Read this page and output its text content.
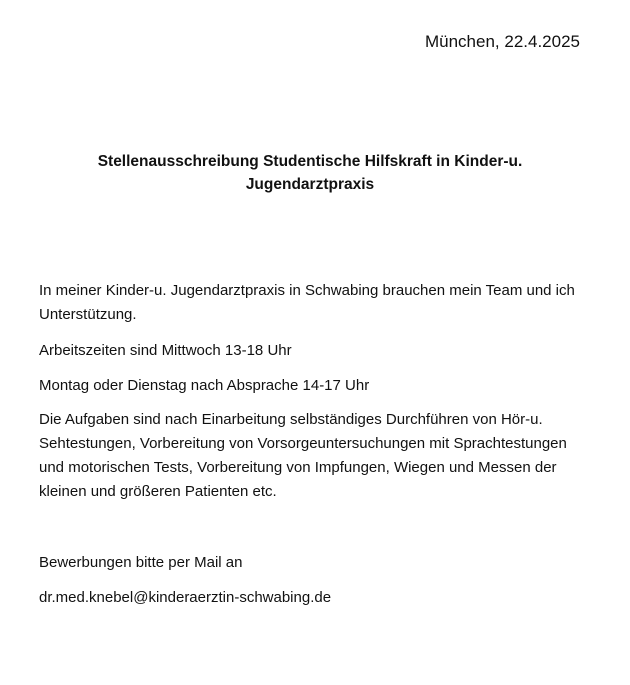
München, 22.4.2025
Stellenausschreibung Studentische Hilfskraft in Kinder-u.
Jugendarztpraxis
In meiner Kinder-u. Jugendarztpraxis in Schwabing brauchen mein Team und ich Unterstützung.
Arbeitszeiten sind Mittwoch 13-18 Uhr
Montag oder Dienstag nach Absprache 14-17 Uhr
Die Aufgaben sind nach Einarbeitung selbständiges Durchführen von Hör-u. Sehtestungen, Vorbereitung von Vorsorgeuntersuchungen mit Sprachtestungen und motorischen Tests, Vorbereitung von Impfungen, Wiegen und Messen der kleinen und größeren Patienten etc.
Bewerbungen bitte per Mail an
dr.med.knebel@kinderaerztin-schwabing.de
